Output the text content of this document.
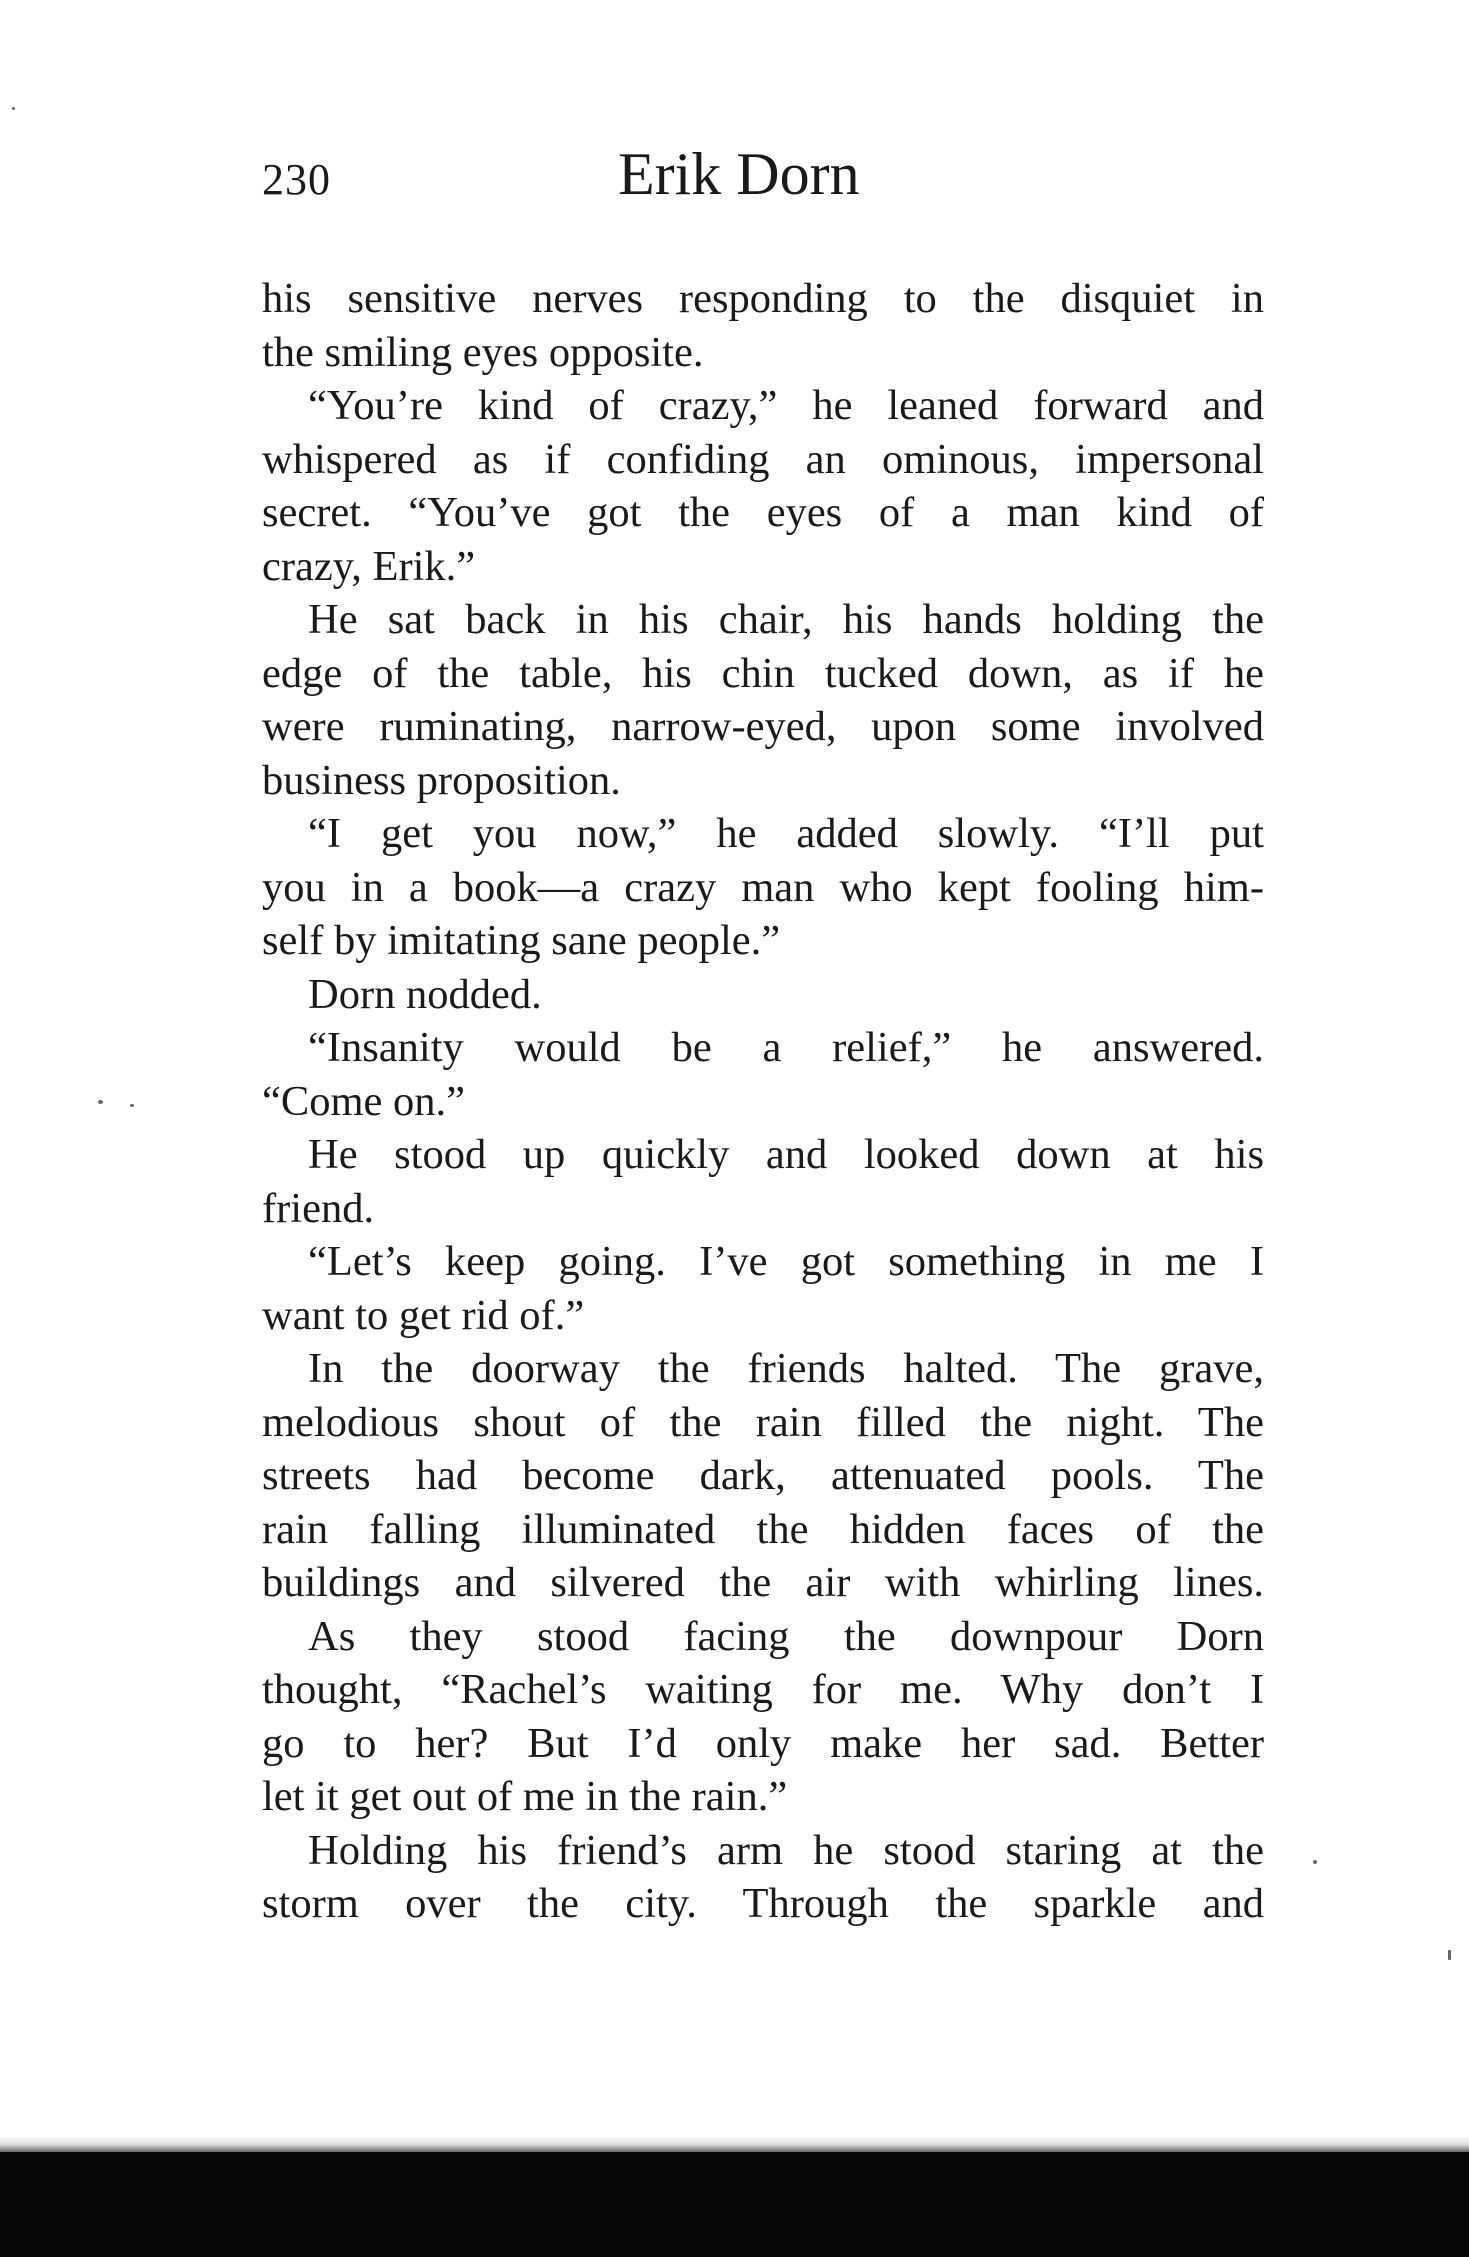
230	Erik Dorn
his sensitive nerves responding to the disquiet in
the smiling eyes opposite.
“You’re kind of crazy,” he leaned forward and
whispered as if confiding an ominous, impersonal
secret. “You’ve got the eyes of a man kind of
crazy, Erik.”
He sat back in his chair, his hands holding the
edge of the table, his chin tucked down, as if he
were ruminating, narrow-eyed, upon some involved
business proposition.
“I get you now,” he added slowly. “I’ll put
you in a book—a crazy man who kept fooling him-
self by imitating sane people.”
Dorn nodded.
“Insanity would be a relief,” he answered.
“Come on.”
He stood up quickly and looked down at his
friend.
“Let’s keep going. I’ve got something in me I
want to get rid of.”
In the doorway the friends halted. The grave,
melodious shout of the rain filled the night. The
streets had become dark, attenuated pools. The
rain falling illuminated the hidden faces of the
buildings and silvered the air with whirling lines.
As they stood facing the downpour Dorn
thought, “Rachel’s waiting for me. Why don’t I
go to her? But I’d only make her sad. Better
let it get out of me in the rain.”
Holding his friend’s arm he stood staring at the
storm over the city. Through the sparkle and
